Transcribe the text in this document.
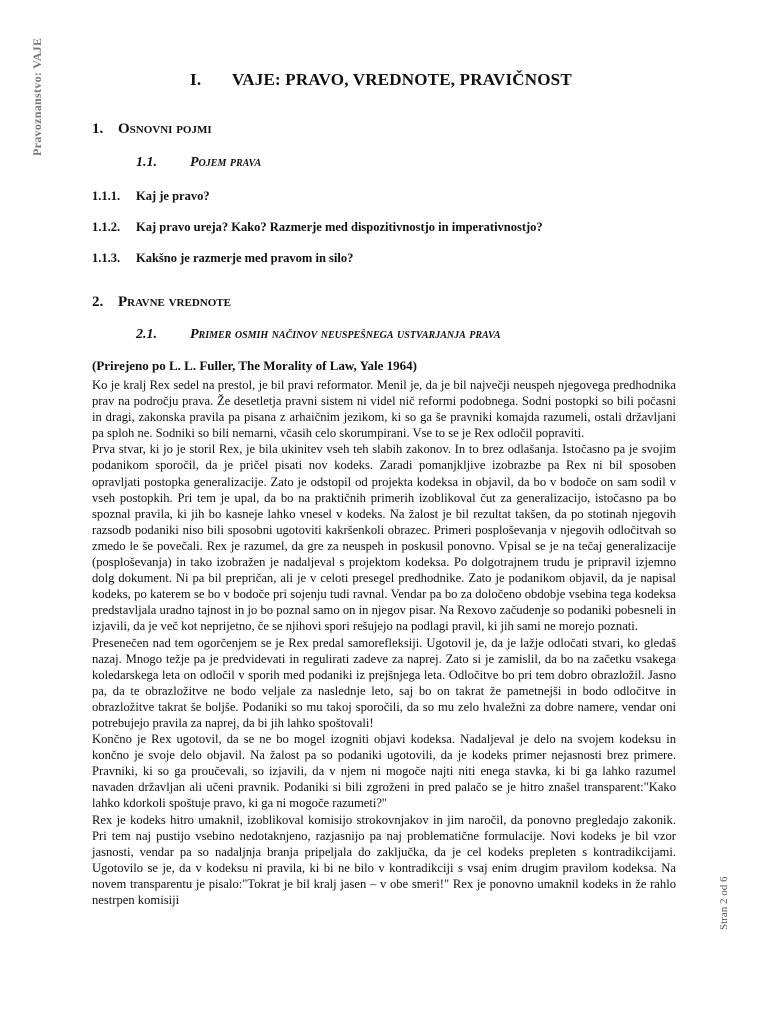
Pravoznanstvo: VAJE
Stran 2 od 6
I. VAJE: PRAVO, VREDNOTE, PRAVIČNOST
1. Osnovni pojmi
1.1. Pojem prava
1.1.1. Kaj je pravo?
1.1.2. Kaj pravo ureja? Kako? Razmerje med dispozitivnostjo in imperativnostjo?
1.1.3. Kakšno je razmerje med pravom in silo?
2. Pravne vrednote
2.1. Primer osmih načinov neuspešnega ustvarjanja prava
(Prirejeno po L. L. Fuller, The Morality of Law, Yale 1964)

Ko je kralj Rex sedel na prestol, je bil pravi reformator. Menil je, da je bil največji neuspeh njegovega predhodnika prav na področju prava. Že desetletja pravni sistem ni videl nič reformi podobnega. Sodni postopki so bili počasni in dragi, zakonska pravila pa pisana z arhaičnim jezikom, ki so ga še pravniki komajda razumeli, ostali državljani pa sploh ne. Sodniki so bili nemarni, včasih celo skorumpirani. Vse to se je Rex odločil popraviti.

Prva stvar, ki jo je storil Rex, je bila ukinitev vseh teh slabih zakonov. In to brez odlašanja. Istočasno pa je svojim podanikom sporočil, da je pričel pisati nov kodeks. Zaradi pomanjkljive izobrazbe pa Rex ni bil sposoben opravljati postopka generalizacije. Zato je odstopil od projekta kodeksa in objavil, da bo v bodoče on sam sodil v vseh postopkih. Pri tem je upal, da bo na praktičnih primerih izoblikoval čut za generalizacijo, istočasno pa bo spoznal pravila, ki jih bo kasneje lahko vnesel v kodeks. Na žalost je bil rezultat takšen, da po stotinah njegovih razsodb podaniki niso bili sposobni ugotoviti kakršenkoli obrazec. Primeri posploševanja v njegovih odločitvah so zmedo le še povečali. Rex je razumel, da gre za neuspeh in poskusil ponovno. Vpisal se je na tečaj generalizacije (posploševanja) in tako izobražen je nadaljeval s projektom kodeksa. Po dolgotrajnem trudu je pripravil izjemno dolg dokument. Ni pa bil prepričan, ali je v celoti presegel predhodnike. Zato je podanikom objavil, da je napisal kodeks, po katerem se bo v bodoče pri sojenju tudi ravnal. Vendar pa bo za določeno obdobje vsebina tega kodeksa predstavljala uradno tajnost in jo bo poznal samo on in njegov pisar. Na Rexovo začudenje so podaniki pobesneli in izjavili, da je več kot neprijetno, če se njihovi spori rešujejo na podlagi pravil, ki jih sami ne morejo poznati.

Presenečen nad tem ogorčenjem se je Rex predal samorefleksiji. Ugotovil je, da je lažje odločati stvari, ko gledaš nazaj. Mnogo težje pa je predvidevati in regulirati zadeve za naprej. Zato si je zamislil, da bo na začetku vsakega koledarskega leta on odločil v sporih med podaniki iz prejšnjega leta. Odločitve bo pri tem dobro obrazložil. Jasno pa, da te obrazložitve ne bodo veljale za naslednje leto, saj bo on takrat že pametnejši in bodo odločitve in obrazložitve takrat še boljše. Podaniki so mu takoj sporočili, da so mu zelo hvaležni za dobre namere, vendar oni potrebujejo pravila za naprej, da bi jih lahko spoštovali!

Končno je Rex ugotovil, da se ne bo mogel izogniti objavi kodeksa. Nadaljeval je delo na svojem kodeksu in končno je svoje delo objavil. Na žalost pa so podaniki ugotovili, da je kodeks primer nejasnosti brez primere. Pravniki, ki so ga proučevali, so izjavili, da v njem ni mogoče najti niti enega stavka, ki bi ga lahko razumel navaden državljan ali učeni pravnik. Podaniki si bili zgroženi in pred palačo se je hitro znašel transparent:"Kako lahko kdorkoli spoštuje pravo, ki ga ni mogoče razumeti?"

Rex je kodeks hitro umaknil, izoblikoval komisijo strokovnjakov in jim naročil, da ponovno pregledajo zakonik. Pri tem naj pustijo vsebino nedotaknjeno, razjasnijo pa naj problematične formulacije. Novi kodeks je bil vzor jasnosti, vendar pa so nadaljnja branja pripeljala do zaključka, da je cel kodeks prepleten s kontradikcijami. Ugotovilo se je, da v kodeksu ni pravila, ki bi ne bilo v kontradikciji s vsaj enim drugim pravilom kodeksa. Na novem transparentu je pisalo:"Tokrat je bil kralj jasen – v obe smeri!" Rex je ponovno umaknil kodeks in že rahlo nestrpen komisiji
